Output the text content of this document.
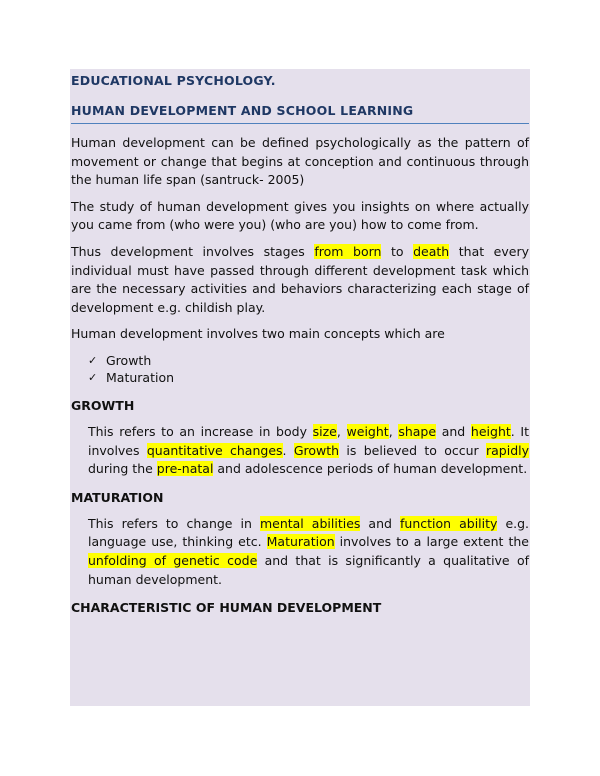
EDUCATIONAL PSYCHOLOGY.
HUMAN DEVELOPMENT AND SCHOOL LEARNING

Human development can be defined psychologically as the pattern of movement or change that begins at conception and continuous through the human life span (santruck- 2005)

The study of human development gives you insights on where actually you came from (who were you) (who are you) how to come from.

Thus development involves stages from born to death that every individual must have passed through different development task which are the necessary activities and behaviors characterizing each stage of development e.g. childish play.

Human development involves two main concepts which are

✓ Growth
✓ Maturation
GROWTH

This refers to an increase in body size, weight, shape and height. It involves quantitative changes. Growth is believed to occur rapidly during the pre-natal and adolescence periods of human development.

MATURATION

This refers to change in mental abilities and function ability e.g. language use, thinking etc. Maturation involves to a large extent the unfolding of genetic code and that is significantly a qualitative of human development.

CHARACTERISTIC OF HUMAN DEVELOPMENT
